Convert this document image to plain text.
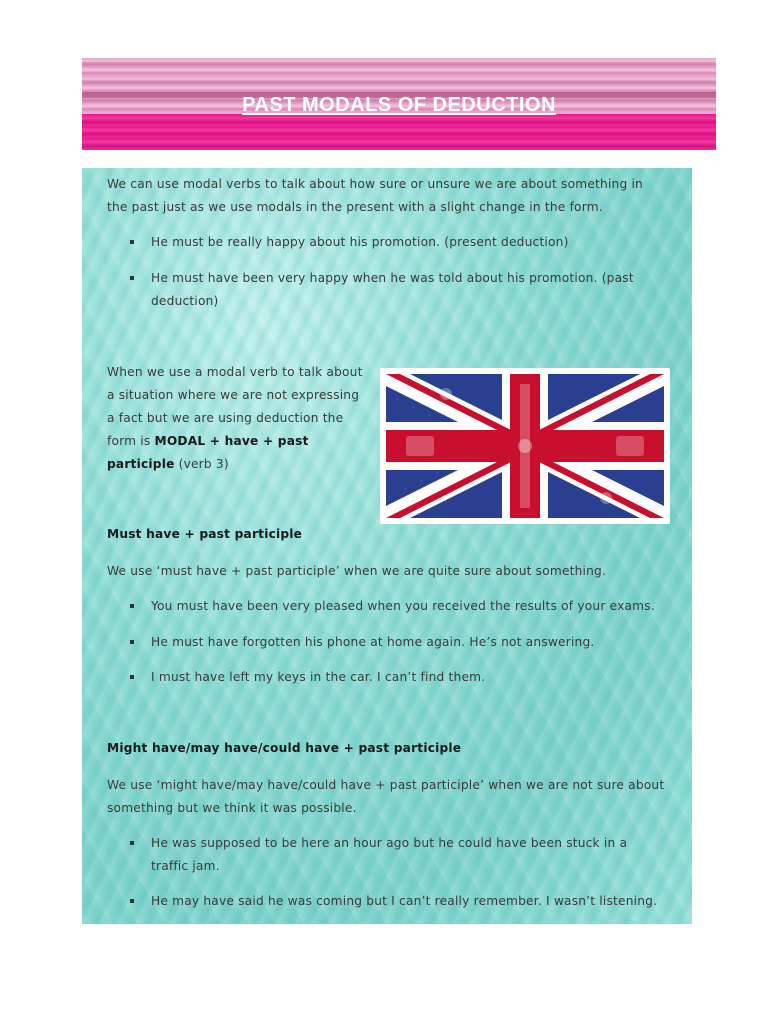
PAST MODALS OF DEDUCTION
We can use modal verbs to talk about how sure or unsure we are about something in
the past just as we use modals in the present with a slight change in the form.
He must be really happy about his promotion. (present deduction)
He must have been very happy when he was told about his promotion. (past
deduction)
When we use a modal verb to talk about
a situation where we are not expressing
a fact but we are using deduction the
form is MODAL + have + past
participle (verb 3)
Must have + past participle
We use ‘must have + past participle’ when we are quite sure about something.
You must have been very pleased when you received the results of your exams.
He must have forgotten his phone at home again. He’s not answering.
I must have left my keys in the car. I can’t find them.
Might have/may have/could have + past participle
We use ‘might have/may have/could have + past participle’ when we are not sure about
something but we think it was possible.
He was supposed to be here an hour ago but he could have been stuck in a
traffic jam.
He may have said he was coming but I can’t really remember. I wasn’t listening.
